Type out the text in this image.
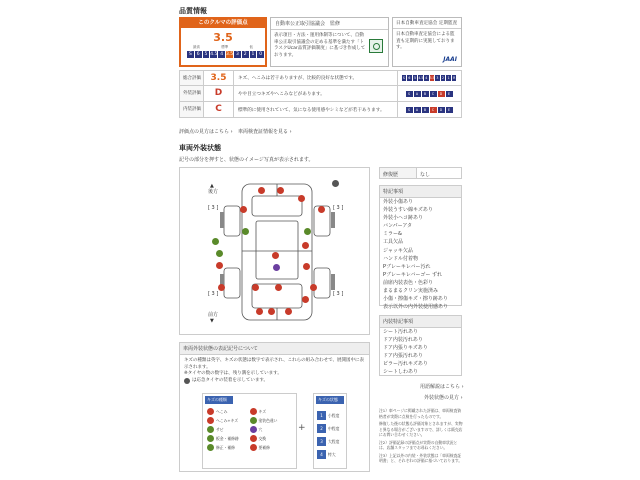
品質情報
このクルマの評価点
3.5
最高	標準	低
S	6	5 4.5 4 3.5 3	2	1	0
自動車公正取引協議会　監修
表示項目・方法・運用体制等について、自動車公正取引協議会の定める基準を満たす「トラスクUcar品質評価制度」に基づき作成しております。
日本自動車査定協会 定期監査
日本自動車査定協会による監査も定期的に実施しております。
JAAI
総合評価	3.5	キズ、へこみは若干ありますが、比較的良好な状態です。	S	6	5 4.5 4 3.5 3	2	1	R
外装評価	D	やや目立つキズやへこみなどがあります。	S	A	B	C	D	E
内装評価	C	標準的に使用されていて、気になる使用感やシミなどが若干あります。	S	A	B	C	D	E
評価点の見方はこちら ›	車両検査証情報を見る ›
車両外装状態
記号の部分を押すと、状態のイメージ写真が表示されます。
後方
▲
前方
▼
[ 3 ]	[ 3 ]
[ 3 ]	[ 3 ]
車両外装状態の表記記号について
キズの種類は英字、キズの状態は数字で表示され、これらの組み合わせで、展開図中に表示されます。
※タイヤの数の数字は、残り溝を示しています。
は応急タイヤの装着を示しています。
キズの種類
へこみ	キズ
へこみ+キズ	塗装色違い
サビ	穴
板金・補修跡	交換
修正・補修	要補修
+
キズの状態
1	小程度
2	中程度
3	大程度
4	特大
修復歴	なし
特記事項
外装小傷あり
外装うすい線キズあり
外装小ヘコ跡あり
バンパーアタ
ミラー&
工具欠品
ジャッキ欠品
ハンドル付着物
Pブレーキレバー汚れ
Pブレーキレバーゴー ずれ
前席内装表色・色彩り
まるまるクリン実施済み
小傷・擦傷キズ・擦り跡あり
表示以外の内外装使用感あり
内装特記事項
シート汚れあり
ドア内装汚れあり
ドア内張りキズあり
ドア内張汚れあり
ピラー汚れキズあり
シートしわあり
用語解説はこちら ›
外装状態の見方 ›
注1）車ページに掲載された評価は、車両検査資格者が実際に点検を行ったものです。
修復した後の状態も評価対象とされますが、実物と異なる場合がございますので、詳しくは販売店にお問い合わせください。
注2）評価記録の評価点が実際の自動車状況とは、店舗スタッフまでお尋ねください。
注3）上記以外の内装・外装状態は「車両検査証明書」と、それぞれの評価に基づいております。
